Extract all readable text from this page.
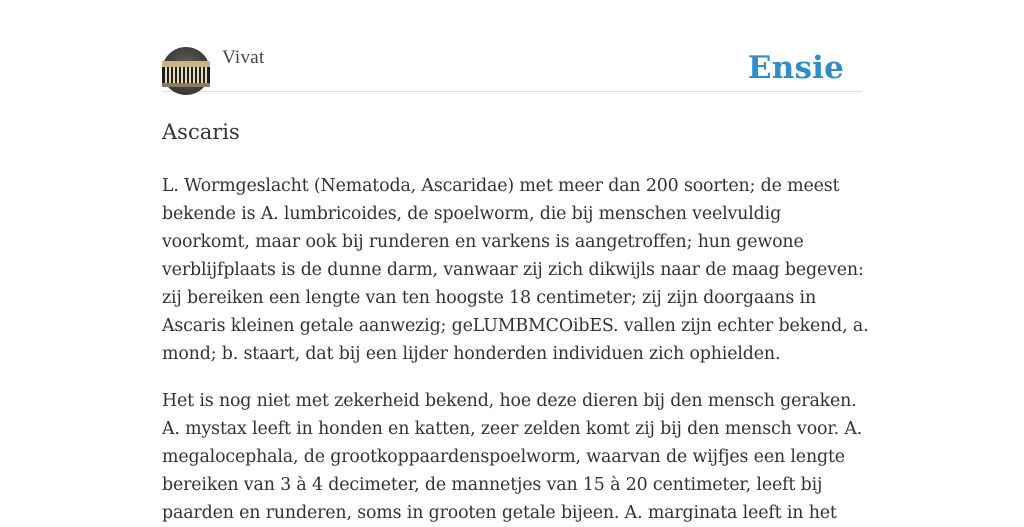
Vivat	Ensie
Ascaris

L. Wormgeslacht (Nematoda, Ascaridae) met meer dan 200 soorten; de meest
bekende is A. lumbricoides, de spoelworm, die bij menschen veelvuldig
voorkomt, maar ook bij runderen en varkens is aangetroffen; hun gewone
verblijfplaats is de dunne darm, vanwaar zij zich dikwijls naar de maag begeven:
zij bereiken een lengte van ten hoogste 18 centimeter; zij zijn doorgaans in
Ascaris kleinen getale aanwezig; geLUMBMCOibES. vallen zijn echter bekend, a.
mond; b. staart, dat bij een lijder honderden individuen zich ophielden.

Het is nog niet met zekerheid bekend, hoe deze dieren bij den mensch geraken.
A. mystax leeft in honden en katten, zeer zelden komt zij bij den mensch voor. A.
megalocephala, de grootkoppaardenspoelworm, waarvan de wijfjes een lengte
bereiken van 3 à 4 decimeter, de mannetjes van 15 à 20 centimeter, leeft bij
paarden en runderen, soms in grooten getale bijeen. A. marginata leeft in het
